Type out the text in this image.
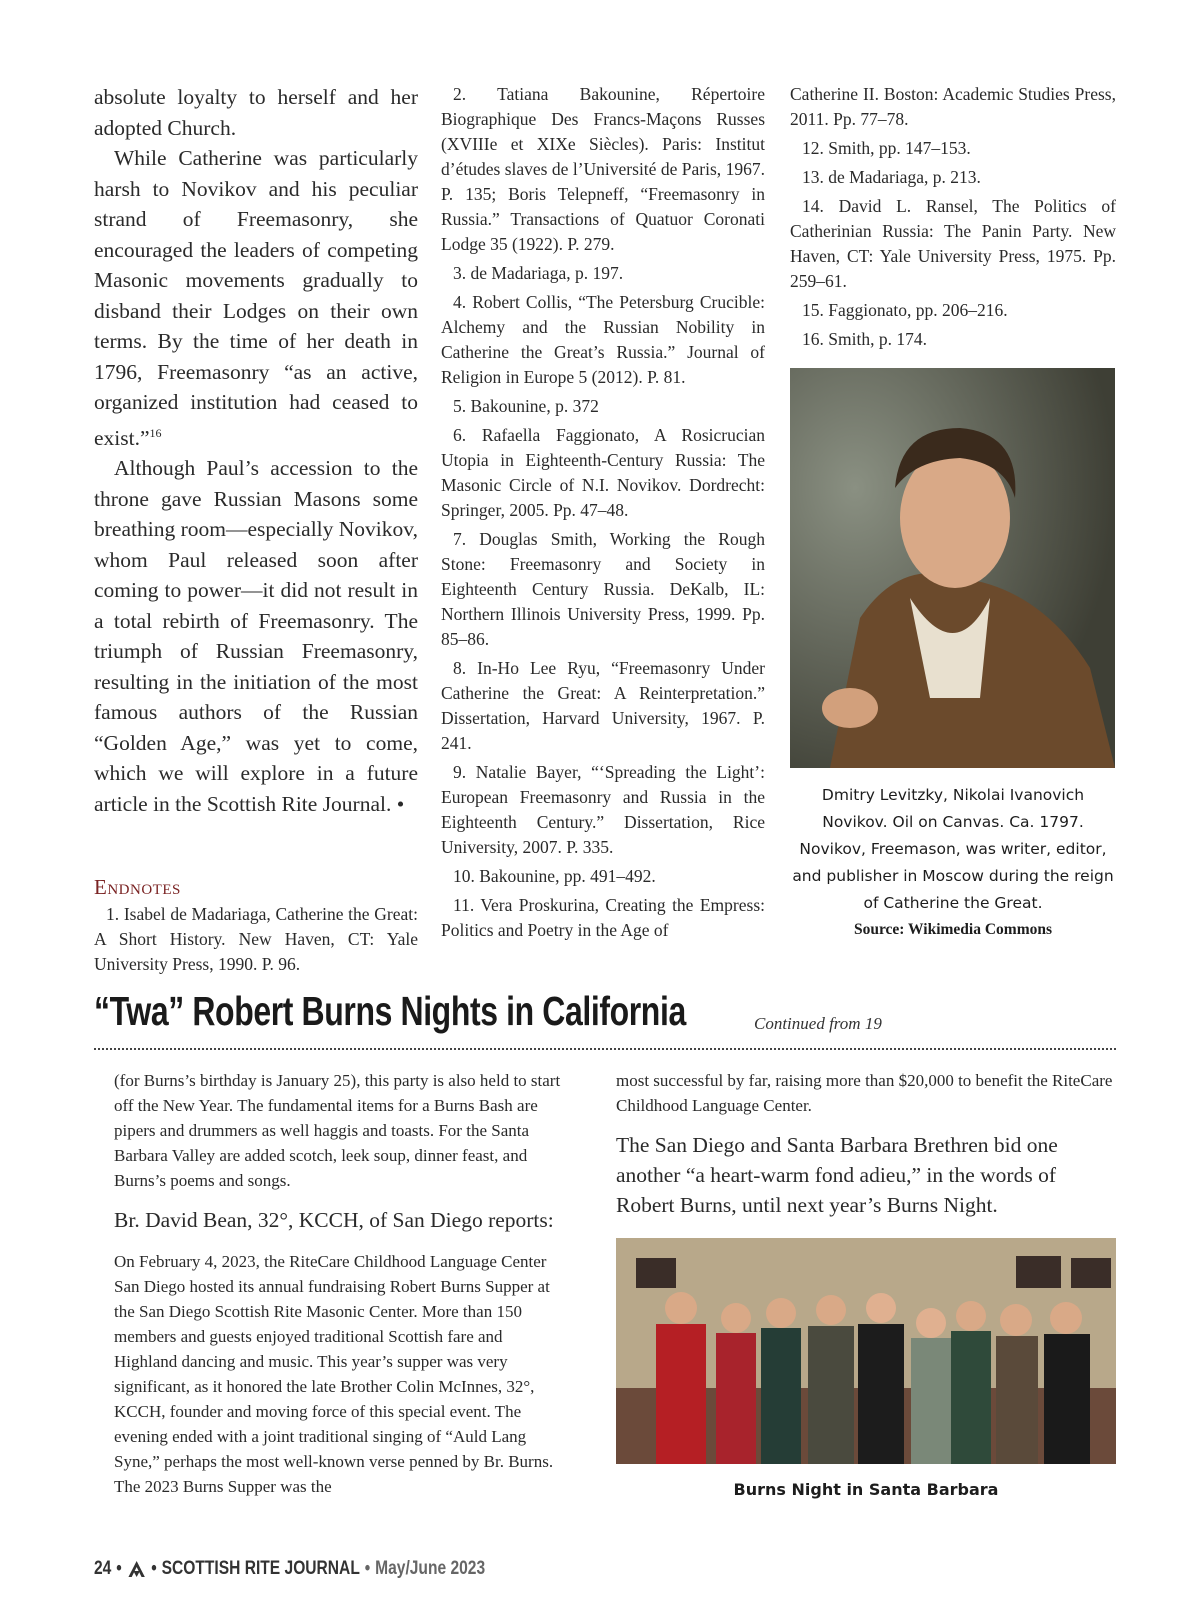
absolute loyalty to herself and her adopted Church.

While Catherine was particularly harsh to Novikov and his peculiar strand of Freemasonry, she encouraged the leaders of competing Masonic movements gradually to disband their Lodges on their own terms. By the time of her death in 1796, Freemasonry “as an active, organized institution had ceased to exist.”$^{16}$

Although Paul’s accession to the throne gave Russian Masons some breathing room—especially Novikov, whom Paul released soon after coming to power—it did not result in a total rebirth of Freemasonry. The triumph of Russian Freemasonry, resulting in the initiation of the most famous authors of the Russian “Golden Age,” was yet to come, which we will explore in a future article in the Scottish Rite Journal. •

Endnotes

1. Isabel de Madariaga, Catherine the Great: A Short History. New Haven, CT: Yale University Press, 1990. P. 96.

2. Tatiana Bakounine, Répertoire Biographique Des Francs-Maçons Russes (XVIIIe et XIXe Siècles). Paris: Institut d’études slaves de l’Université de Paris, 1967. P. 135; Boris Telepneff, “Freemasonry in Russia.” Transactions of Quatuor Coronati Lodge 35 (1922). P. 279.

3. de Madariaga, p. 197.

4. Robert Collis, “The Petersburg Crucible: Alchemy and the Russian Nobility in Catherine the Great’s Russia.” Journal of Religion in Europe 5 (2012). P. 81.

5. Bakounine, p. 372

6. Rafaella Faggionato, A Rosicrucian Utopia in Eighteenth-Century Russia: The Masonic Circle of N.I. Novikov. Dordrecht: Springer, 2005. Pp. 47–48.

7. Douglas Smith, Working the Rough Stone: Freemasonry and Society in Eighteenth Century Russia. DeKalb, IL: Northern Illinois University Press, 1999. Pp. 85–86.

8. In-Ho Lee Ryu, “Freemasonry Under Catherine the Great: A Reinterpretation.” Dissertation, Harvard University, 1967. P. 241.

9. Natalie Bayer, “‘Spreading the Light’: European Freemasonry and Russia in the Eighteenth Century.” Dissertation, Rice University, 2007. P. 335.

10. Bakounine, pp. 491–492.

11. Vera Proskurina, Creating the Empress: Politics and Poetry in the Age of

Catherine II. Boston: Academic Studies Press, 2011. Pp. 77–78.

12. Smith, pp. 147–153.

13. de Madariaga, p. 213.

14. David L. Ransel, The Politics of Catherinian Russia: The Panin Party. New Haven, CT: Yale University Press, 1975. Pp. 259–61.

15. Faggionato, pp. 206–216.

16. Smith, p. 174.

Dmitry Levitzky, Nikolai Ivanovich Novikov. Oil on Canvas. Ca. 1797. Novikov, Freemason, was writer, editor, and publisher in Moscow during the reign of Catherine the Great.
Source: Wikimedia Commons
“Twa” Robert Burns Nights in California	Continued from 19

(for Burns’s birthday is January 25), this party is also held to start off the New Year. The fundamental items for a Burns Bash are pipers and drummers as well haggis and toasts. For the Santa Barbara Valley are added scotch, leek soup, dinner feast, and Burns’s poems and songs.

Br. David Bean, 32°, KCCH, of San Diego reports:

On February 4, 2023, the RiteCare Childhood Language Center San Diego hosted its annual fundraising Robert Burns Supper at the San Diego Scottish Rite Masonic Center. More than 150 members and guests enjoyed traditional Scottish fare and Highland dancing and music. This year’s supper was very significant, as it honored the late Brother Colin McInnes, 32°, KCCH, founder and moving force of this special event. The evening ended with a joint traditional singing of “Auld Lang Syne,” perhaps the most well-known verse penned by Br. Burns. The 2023 Burns Supper was the

most successful by far, raising more than $20,000 to benefit the RiteCare Childhood Language Center.

The San Diego and Santa Barbara Brethren bid one another “a heart-warm fond adieu,” in the words of Robert Burns, until next year’s Burns Night.

Burns Night in Santa Barbara
24 • • SCOTTISH RITE JOURNAL • May/June 2023
